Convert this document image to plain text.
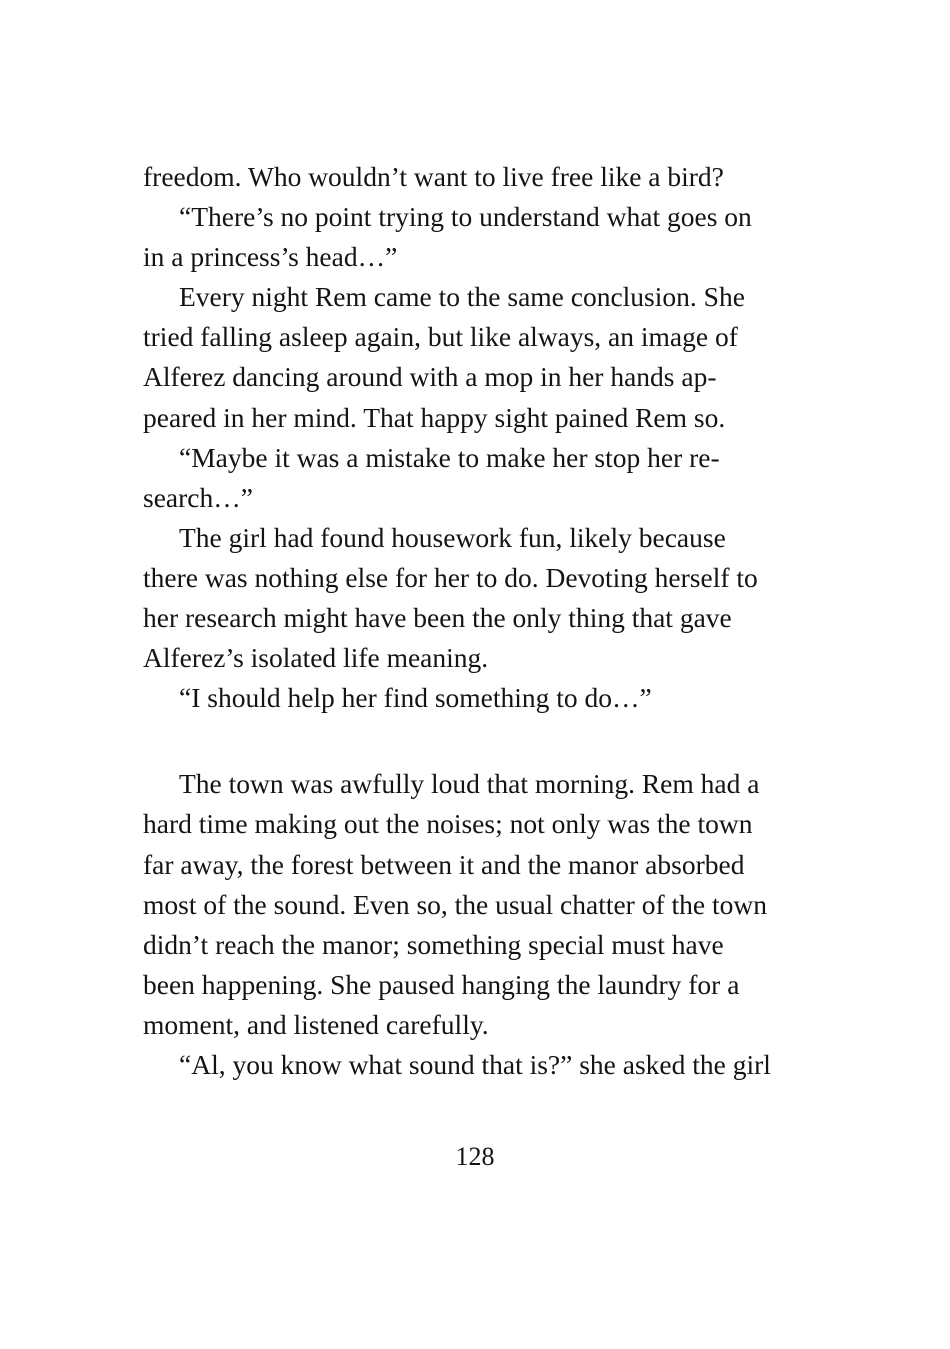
freedom. Who wouldn’t want to live free like a bird?
“There’s no point trying to understand what goes on
in a princess’s head…”
Every night Rem came to the same conclusion. She
tried falling asleep again, but like always, an image of
Alferez dancing around with a mop in her hands ap-
peared in her mind. That happy sight pained Rem so.
“Maybe it was a mistake to make her stop her re-
search…”
The girl had found housework fun, likely because
there was nothing else for her to do. Devoting herself to
her research might have been the only thing that gave
Alferez’s isolated life meaning.
“I should help her find something to do…”
The town was awfully loud that morning. Rem had a
hard time making out the noises; not only was the town
far away, the forest between it and the manor absorbed
most of the sound. Even so, the usual chatter of the town
didn’t reach the manor; something special must have
been happening. She paused hanging the laundry for a
moment, and listened carefully.
“Al, you know what sound that is?” she asked the girl
128
